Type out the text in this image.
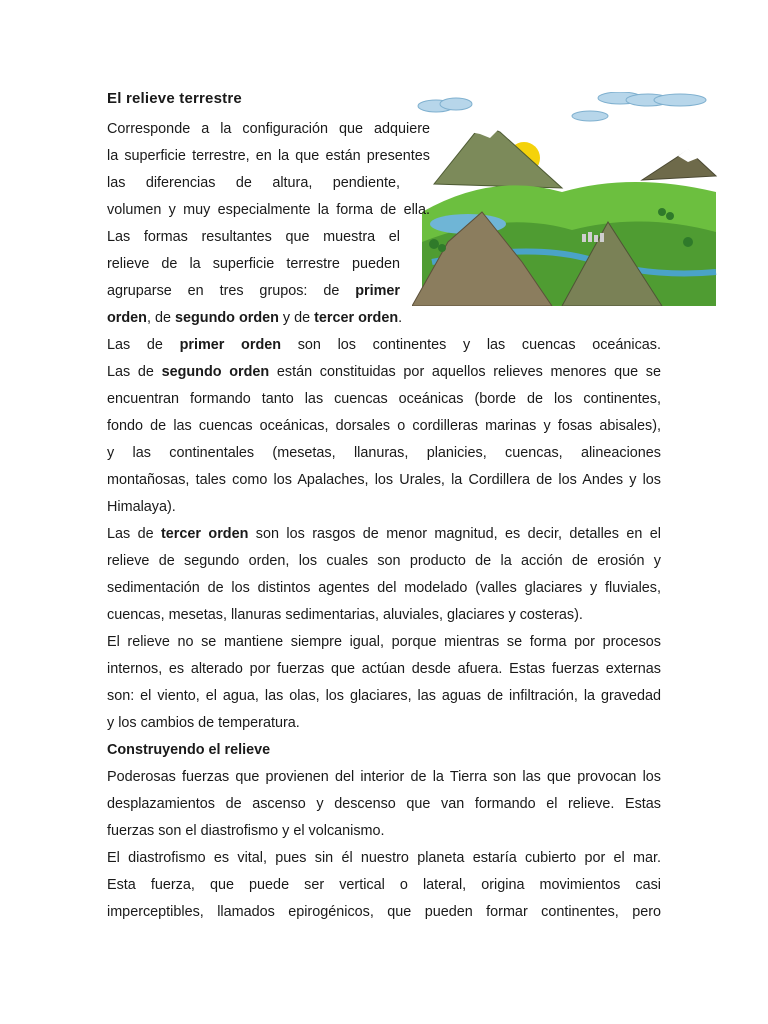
El relieve terrestre
Corresponde a la configuración que adquiere
la superficie terrestre, en la que están presentes
las diferencias de altura, pendiente,
volumen y muy especialmente la forma de ella.
Las formas resultantes que muestra el
relieve de la superficie terrestre pueden
agruparse en tres grupos: de primer
orden, de segundo orden y de tercer orden.
Las de primer orden son los continentes y las cuencas oceánicas.
Las de segundo orden están constituidas por aquellos relieves menores que se
encuentran formando tanto las cuencas oceánicas (borde de los continentes,
fondo de las cuencas oceánicas, dorsales o cordilleras marinas y fosas abisales),
y las continentales (mesetas, llanuras, planicies, cuencas, alineaciones
montañosas, tales como los Apalaches, los Urales, la Cordillera de los Andes y los
Himalaya).
Las de tercer orden son los rasgos de menor magnitud, es decir, detalles en el
relieve de segundo orden, los cuales son producto de la acción de erosión y
sedimentación de los distintos agentes del modelado (valles glaciares y fluviales,
cuencas, mesetas, llanuras sedimentarias, aluviales, glaciares y costeras).
El relieve no se mantiene siempre igual, porque mientras se forma por procesos
internos, es alterado por fuerzas que actúan desde afuera. Estas fuerzas externas
son: el viento, el agua, las olas, los glaciares, las aguas de infiltración, la gravedad
y los cambios de temperatura.
Construyendo el relieve
Poderosas fuerzas que provienen del interior de la Tierra son las que provocan los
desplazamientos de ascenso y descenso que van formando el relieve. Estas
fuerzas son el diastrofismo y el volcanismo.
El diastrofismo es vital, pues sin él nuestro planeta estaría cubierto por el mar.
Esta fuerza, que puede ser vertical o lateral, origina movimientos casi
imperceptibles, llamados epirogénicos, que pueden formar continentes, pero
